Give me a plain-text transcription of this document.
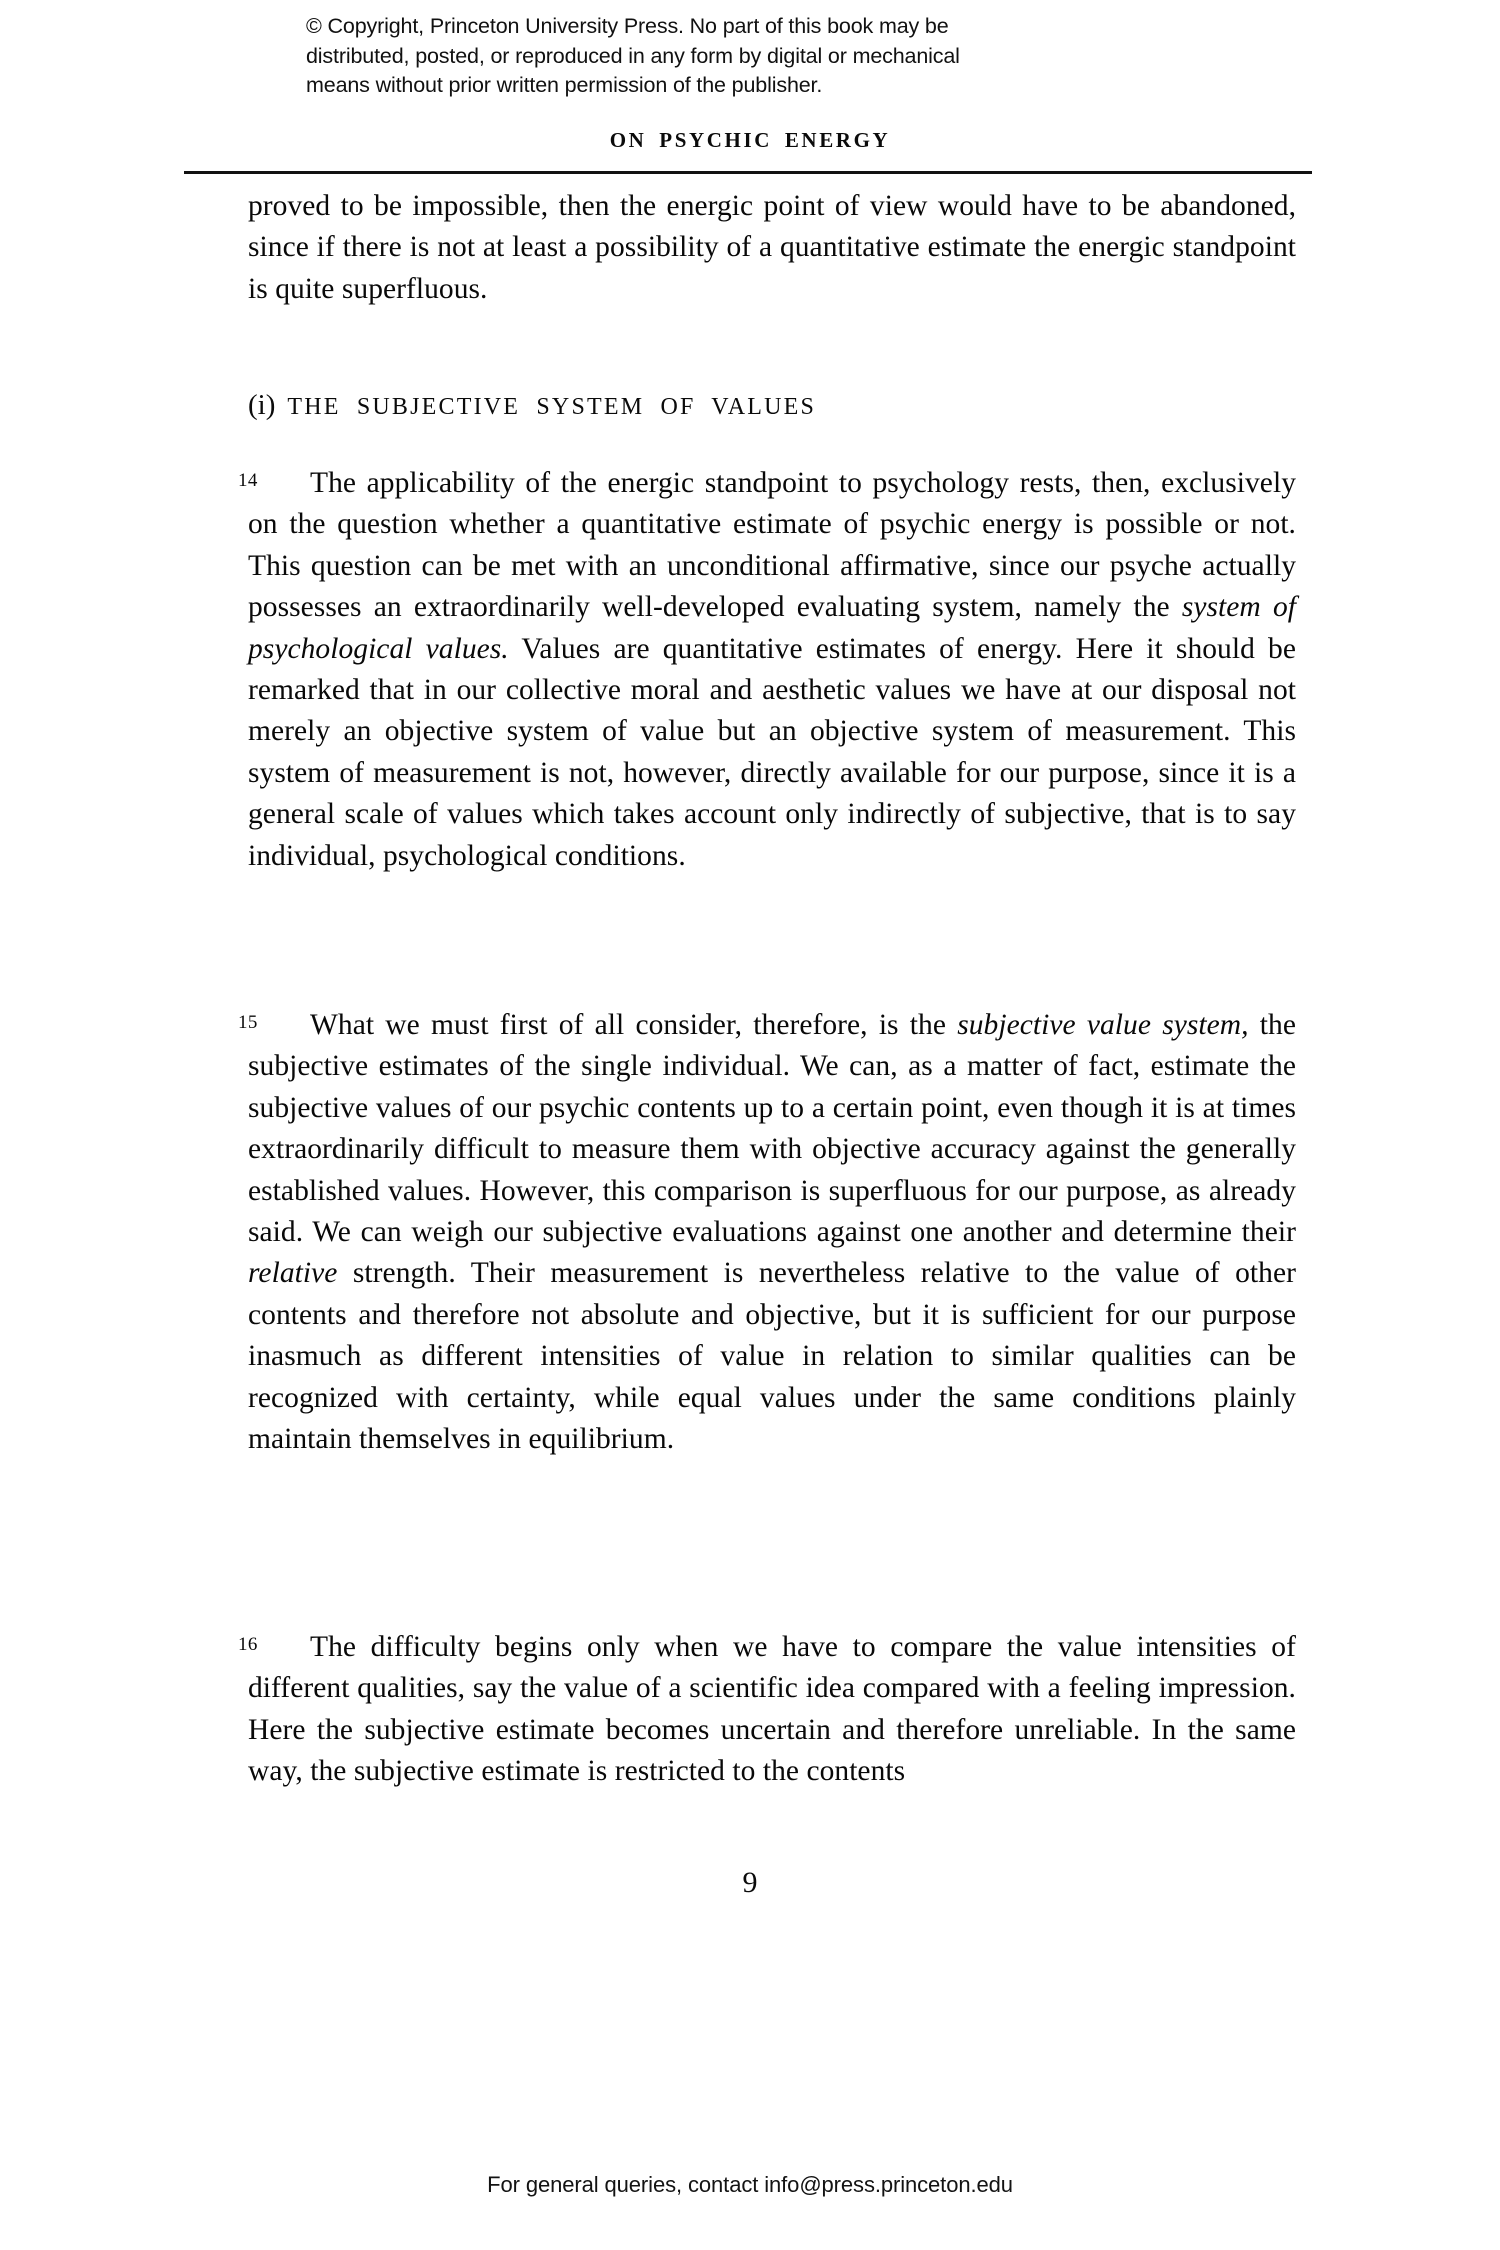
© Copyright, Princeton University Press. No part of this book may be
distributed, posted, or reproduced in any form by digital or mechanical
means without prior written permission of the publisher.
ON PSYCHIC ENERGY

proved to be impossible, then the energic point of view would have to be abandoned, since if there is not at least a possibility of a quantitative estimate the energic standpoint is quite superfluous.

(i) THE SUBJECTIVE SYSTEM OF VALUES

14 The applicability of the energic standpoint to psychology rests, then, exclusively on the question whether a quantitative estimate of psychic energy is possible or not. This question can be met with an unconditional affirmative, since our psyche actually possesses an extraordinarily well-developed evaluating system, namely the system of psychological values. Values are quantitative estimates of energy. Here it should be remarked that in our collective moral and aesthetic values we have at our disposal not merely an objective system of value but an objective system of measurement. This system of measurement is not, however, directly available for our purpose, since it is a general scale of values which takes account only indirectly of subjective, that is to say individual, psychological conditions.

15 What we must first of all consider, therefore, is the subjective value system, the subjective estimates of the single individual. We can, as a matter of fact, estimate the subjective values of our psychic contents up to a certain point, even though it is at times extraordinarily difficult to measure them with objective accuracy against the generally established values. However, this comparison is superfluous for our purpose, as already said. We can weigh our subjective evaluations against one another and determine their relative strength. Their measurement is nevertheless relative to the value of other contents and therefore not absolute and objective, but it is sufficient for our purpose inasmuch as different intensities of value in relation to similar qualities can be recognized with certainty, while equal values under the same conditions plainly maintain themselves in equilibrium.

16 The difficulty begins only when we have to compare the value intensities of different qualities, say the value of a scientific idea compared with a feeling impression. Here the subjective estimate becomes uncertain and therefore unreliable. In the same way, the subjective estimate is restricted to the contents

9
For general queries, contact info@press.princeton.edu
